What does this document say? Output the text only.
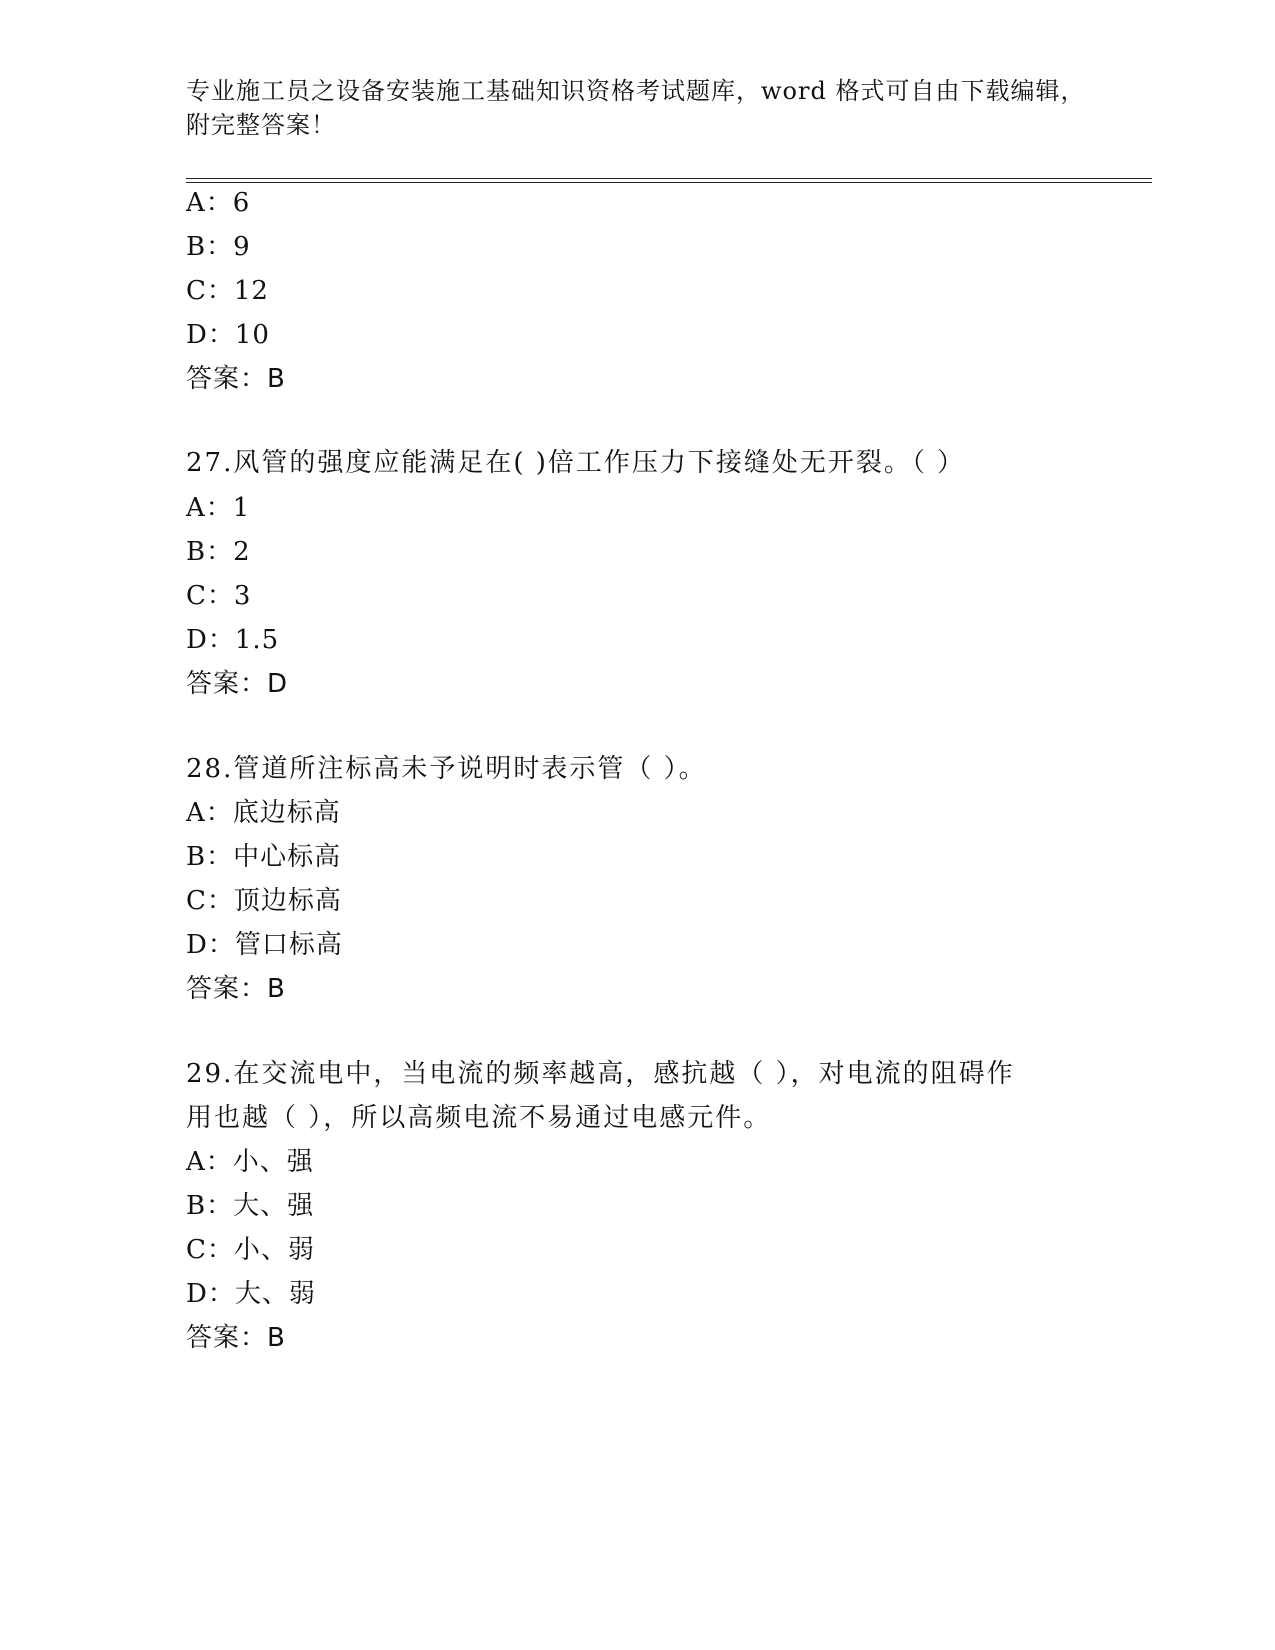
专业施工员之设备安装施工基础知识资格考试题库，word 格式可自由下载编辑，
附完整答案！
A：6
B：9
C：12
D：10
答案：B
27.风管的强度应能满足在( )倍工作压力下接缝处无开裂。（ ）
A：1
B：2
C：3
D：1.5
答案：D
28.管道所注标高未予说明时表示管（ ）。
A：底边标高
B：中心标高
C：顶边标高
D：管口标高
答案：B
29.在交流电中，当电流的频率越高，感抗越（ ），对电流的阻碍作
用也越（ ），所以高频电流不易通过电感元件。
A：小、强
B：大、强
C：小、弱
D：大、弱
答案：B
